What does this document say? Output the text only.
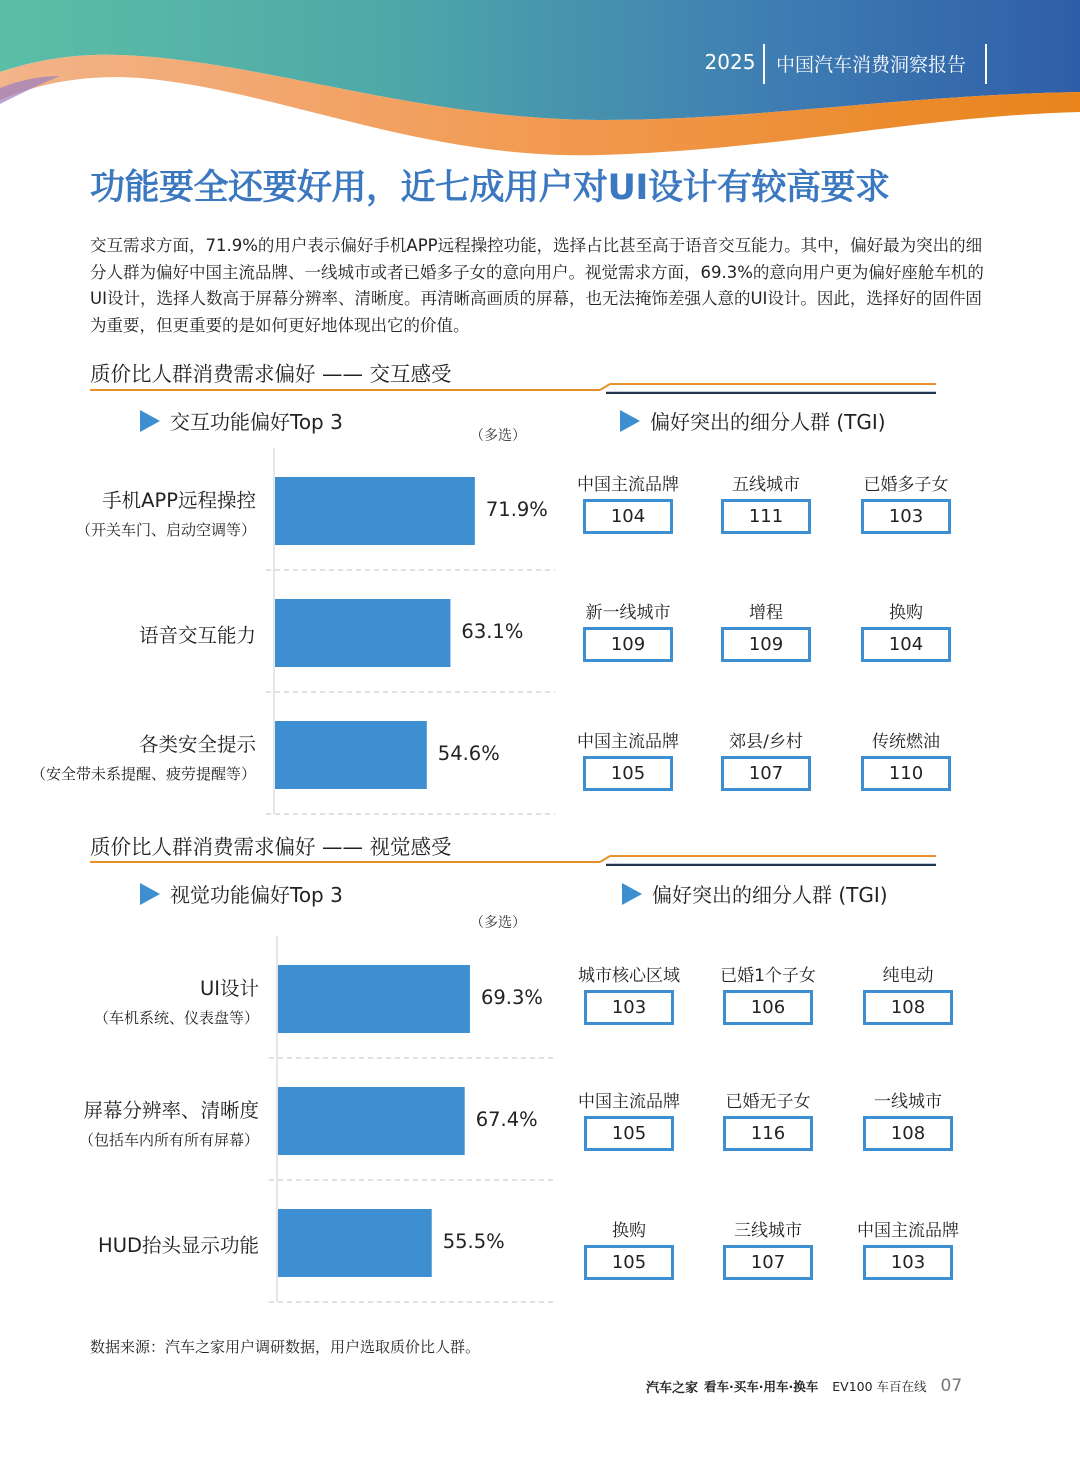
2025 中国汽车消费洞察报告
功能要全还要好用，近七成用户对UI设计有较高要求
交互需求方面，71.9%的用户表示偏好手机APP远程操控功能，选择占比甚至高于语音交互能力。其中，偏好最为突出的细分人群为偏好中国主流品牌、一线城市或者已婚多子女的意向用户。视觉需求方面，69.3%的意向用户更为偏好座舱车机的UI设计，选择人数高于屏幕分辨率、清晰度。再清晰高画质的屏幕，也无法掩饰差强人意的UI设计。因此，选择好的固件固为重要，但更重要的是如何更好地体现出它的价值。
质价比人群消费需求偏好 —— 交互感受
交互功能偏好Top 3
（多选）
偏好突出的细分人群 (TGI)
71.9%
手机APP远程操控
（开关车门、启动空调等）
63.1%
语音交互能力
54.6%
各类安全提示
（安全带未系提醒、疲劳提醒等）
中国主流品牌
104
五线城市
111
已婚多子女
103
新一线城市
109
增程
109
换购
104
中国主流品牌
105
郊县/乡村
107
传统燃油
110
质价比人群消费需求偏好 —— 视觉感受
视觉功能偏好Top 3
（多选）
偏好突出的细分人群 (TGI)
69.3%
UI设计
（车机系统、仪表盘等）
67.4%
屏幕分辨率、清晰度
（包括车内所有所有屏幕）
55.5%
HUD抬头显示功能
城市核心区域
103
已婚1个子女
106
纯电动
108
中国主流品牌
105
已婚无子女
116
一线城市
108
换购
105
三线城市
107
中国主流品牌
103
数据来源：汽车之家用户调研数据，用户选取质价比人群。
汽车之家 看车·买车·用车·换车 EV100 车百在线 07
